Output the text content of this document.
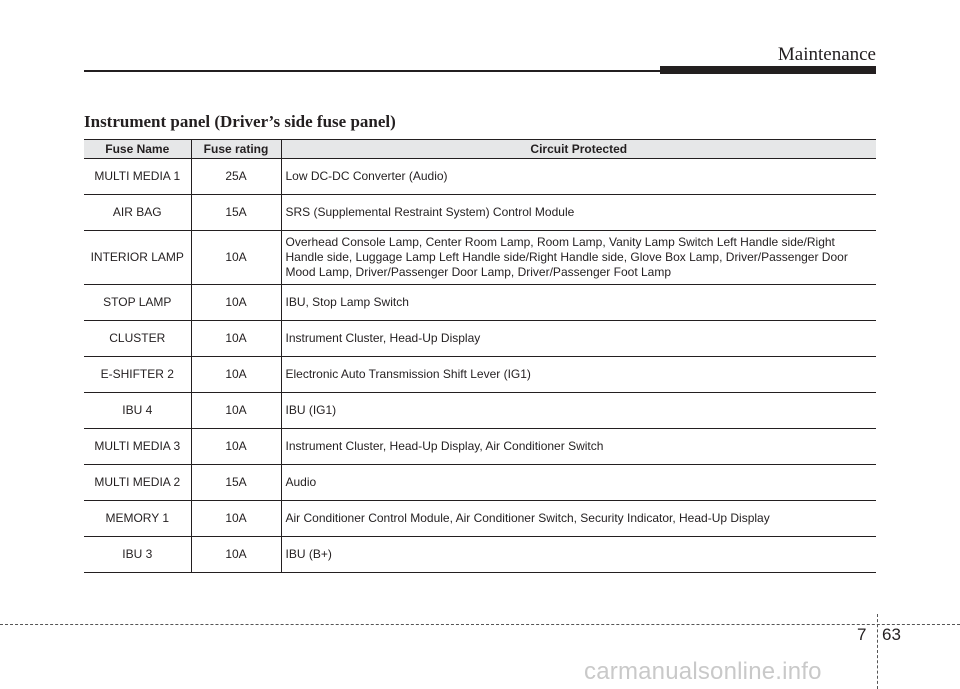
Maintenance
Instrument panel (Driver’s side fuse panel)
Fuse Name	Fuse rating	Circuit Protected
MULTI MEDIA 1	25A	Low DC-DC Converter (Audio)
AIR BAG	15A	SRS (Supplemental Restraint System) Control Module
INTERIOR LAMP	10A	Overhead Console Lamp, Center Room Lamp, Room Lamp, Vanity Lamp Switch Left Handle side/Right Handle side, Luggage Lamp Left Handle side/Right Handle side, Glove Box Lamp, Driver/Passenger Door Mood Lamp, Driver/Passenger Door Lamp, Driver/Passenger Foot Lamp
STOP LAMP	10A	IBU, Stop Lamp Switch
CLUSTER	10A	Instrument Cluster, Head-Up Display
E-SHIFTER 2	10A	Electronic Auto Transmission Shift Lever (IG1)
IBU 4	10A	IBU (IG1)
MULTI MEDIA 3	10A	Instrument Cluster, Head-Up Display, Air Conditioner Switch
MULTI MEDIA 2	15A	Audio
MEMORY 1	10A	Air Conditioner Control Module, Air Conditioner Switch, Security Indicator, Head-Up Display
IBU 3	10A	IBU (B+)
7 63
carmanualsonline.info
